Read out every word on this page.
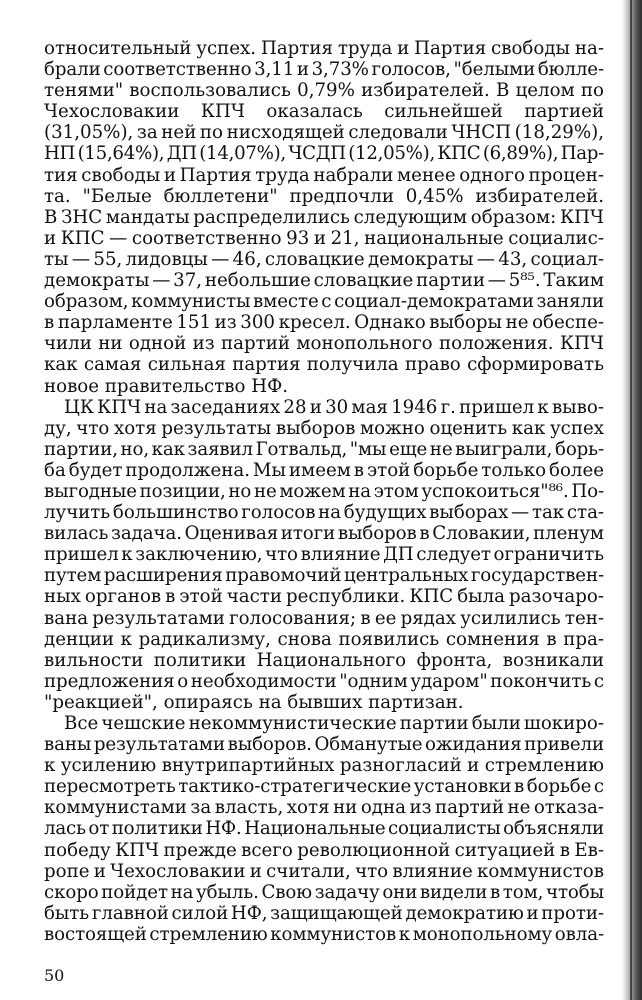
относительный успех. Партия труда и Партия свободы на-
брали соответственно 3,11 и 3,73% голосов, "белыми бюлле-
тенями" воспользовались 0,79% избирателей. В целом по
Чехословакии КПЧ оказалась сильнейшей партией
(31,05%), за ней по нисходящей следовали ЧНСП (18,29%),
НП (15,64%), ДП (14,07%), ЧСДП (12,05%), КПС (6,89%), Пар-
тия свободы и Партия труда набрали менее одного процен-
та. "Белые бюллетени" предпочли 0,45% избирателей.
В ЗНС мандаты распределились следующим образом: КПЧ
и КПС — соответственно 93 и 21, национальные социалис-
ты — 55, лидовцы — 46, словацкие демократы — 43, социал-
демократы — 37, небольшие словацкие партии — 5⁸⁵. Таким
образом, коммунисты вместе с социал-демократами заняли
в парламенте 151 из 300 кресел. Однако выборы не обеспе-
чили ни одной из партий монопольного положения. КПЧ
как самая сильная партия получила право сформировать
новое правительство НФ.
ЦК КПЧ на заседаниях 28 и 30 мая 1946 г. пришел к выво-
ду, что хотя результаты выборов можно оценить как успех
партии, но, как заявил Готвальд, "мы еще не выиграли, борь-
ба будет продолжена. Мы имеем в этой борьбе только более
выгодные позиции, но не можем на этом успокоиться"⁸⁶. По-
лучить большинство голосов на будущих выборах — так ста-
вилась задача. Оценивая итоги выборов в Словакии, пленум
пришел к заключению, что влияние ДП следует ограничить
путем расширения правомочий центральных государствен-
ных органов в этой части республики. КПС была разочаро-
вана результатами голосования; в ее рядах усилились тен-
денции к радикализму, снова появились сомнения в пра-
вильности политики Национального фронта, возникали
предложения о необходимости "одним ударом" покончить с
"реакцией", опираясь на бывших партизан.
Все чешские некоммунистические партии были шокиро-
ваны результатами выборов. Обманутые ожидания привели
к усилению внутрипартийных разногласий и стремлению
пересмотреть тактико-стратегические установки в борьбе с
коммунистами за власть, хотя ни одна из партий не отказа-
лась от политики НФ. Национальные социалисты объясняли
победу КПЧ прежде всего революционной ситуацией в Ев-
ропе и Чехословакии и считали, что влияние коммунистов
скоро пойдет на убыль. Свою задачу они видели в том, чтобы
быть главной силой НФ, защищающей демократию и проти-
востоящей стремлению коммунистов к монопольному овла-
50
